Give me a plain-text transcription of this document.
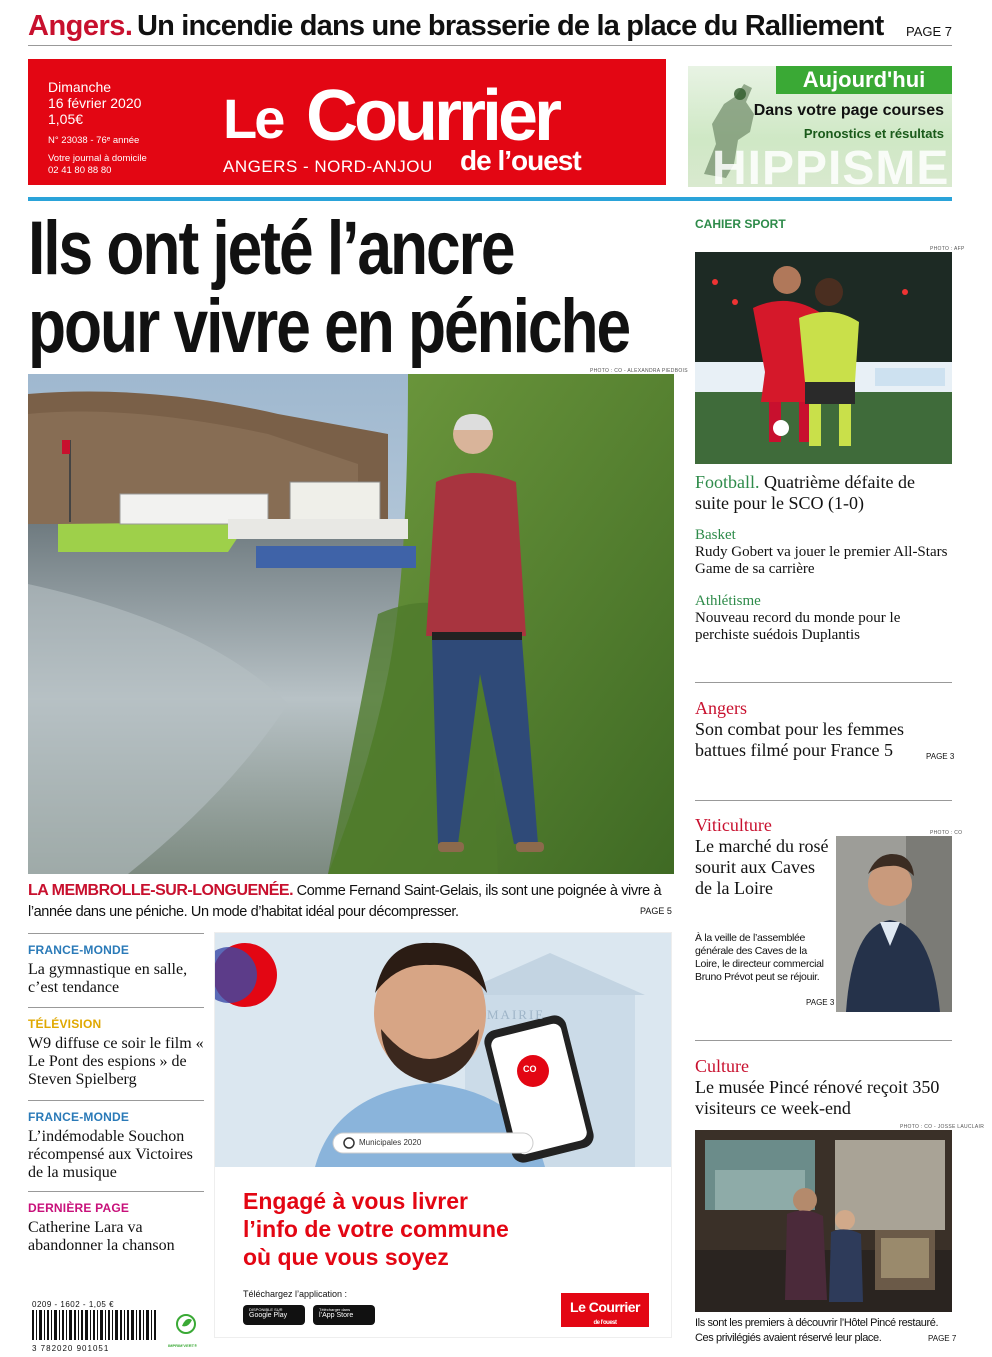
Angers. Un incendie dans une brasserie de la place du Ralliement PAGE 7
Dimanche
16 février 2020
1,05€
N° 23038 - 76ᵉ année
Votre journal à domicile
02 41 80 88 80
Le Courrier
ANGERS - NORD-ANJOU de l’ouest
Aujourd'hui
Dans votre page courses
Pronostics et résultats
HIPPISME
Ils ont jeté l’ancre
pour vivre en péniche
PHOTO : CO - ALEXANDRA PIEDBOIS
LA MEMBROLLE-SUR-LONGUENÉE. Comme Fernand Saint-Gelais, ils sont une poignée à vivre à l’année dans une péniche. Un mode d’habitat idéal pour décompresser.	PAGE 5
FRANCE-MONDE
La gymnastique en salle, c’est tendance
TÉLÉVISION
W9 diffuse ce soir le film « Le Pont des espions » de Steven Spielberg
FRANCE-MONDE
L’indémodable Souchon récompensé aux Victoires de la musique
DERNIÈRE PAGE
Catherine Lara va abandonner la chanson
MAIRIE
CO
Municipales 2020
Engagé à vous livrer
l’info de votre commune
où que vous soyez
Téléchargez l’application :
DISPONIBLE SUR
Google Play
Télécharger dans
l’App Store
Le Courrier
de l’ouest
0209 - 1602 - 1,05 €
3 782020 901051	IMPRIM'VERT®
CAHIER SPORT
PHOTO : AFP
Football. Quatrième défaite de suite pour le SCO (1-0)
Basket
Rudy Gobert va jouer le premier All-Stars Game de sa carrière
Athlétisme
Nouveau record du monde pour le perchiste suédois Duplantis
Angers
Son combat pour les femmes battues filmé pour France 5	PAGE 3
Viticulture
Le marché du rosé sourit aux Caves de la Loire
PHOTO : CO
À la veille de l’assemblée générale des Caves de la Loire, le directeur commercial Bruno Prévot peut se réjouir.
PAGE 3
Culture
Le musée Pincé rénové reçoit 350 visiteurs ce week-end
PHOTO : CO - JOSSE LAUCLAIR
Ils sont les premiers à découvrir l’Hôtel Pincé restauré. Ces privilégiés avaient réservé leur place.	PAGE 7
